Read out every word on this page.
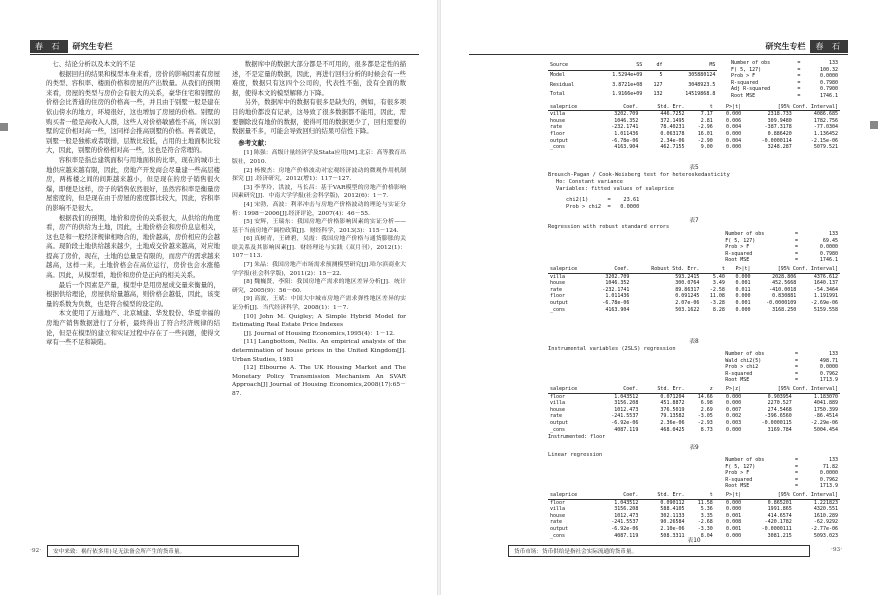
春 石	研究生专栏

七、结论分析以及本文的不足

根据回归的结果和模型本身来看，房价的影响因素有房屋的类型、容积率、楼面价格和房屋的产出数量。从我们的预期来看，房屋的类型与房价会有很大的关系，豪华住宅和别墅的价格会比普通的住房的价格高一些，并且由于别墅一般是建在依山傍水的地方，环境很好，这也增加了房屋的价格。别墅的购买者一般是高收入人群，这些人对价格敏感性不高，所以别墅的定价相对高一些，这同样会推高别墅的价格。再者就是，别墅一般是独栋或者联排，层数比较低，占用的土地面积比较大，因此，别墅的价格相对高一些，这也是符合常理的。

容积率是指总建筑面积与用地面积的比率，现在的城市土地供应越来越有限，因此，房地产开发商会尽量建一些高层楼房，两栋楼之间的间距越来越小，但是现在的房子销售很火爆，即便是这样，房子的销售依然很好，虽然容积率是衡量房屋密度的，但是现在由于房屋的密度都比较大，因此，容积率的影响不是很大。

根据我们的预期，地价和房价的关系很大，从供给的角度看，房产的供给为土地，因此，土地价格会和房价息息相关，这也是和一般经济规律相吻合的，地价越高，房价相应的会越高。现阶段土地供给越来越少，土地成交价越来越高，对应地提高了房价，现在，土地的总量是有限的，而房产的需求越来越高，这样一来，土地价格会在高位运行，房价也会水涨船高。因此，从模型看，地价和房价是正向的相关关系。

最后一个因素是产量，模型中是用房屋成交量来衡量的，根据供给理论，房屋供给量越高，则价格会越低，因此，该变量的系数为负数，也是符合模型的设定的。

本文使用了万通地产、北京城建、华发股份、华夏幸福的房地产销售数据进行了分析，最终得出了符合经济规律的结论，但是在模型的建立和实证过程中存在了一些问题，使得文章有一些不足和缺陷。

数据库中的数据大部分都是不可用的，很多都是定性的描述，不是定量的数据，因此，再进行回归分析的时候会有一些难度，数据只有这四个公司的，代表性不强，没有全面的数据，使得本文的模型解释力下降。

另外，数据库中的数据有很多是缺失的，例如，有很多项目的地价都没有记录，这导致了很多数据都不能用，因此，需要删除没有地价的数据，使得可用的数据更少了，回归需要的数据量不多，可能会导致回归的结果可信性下降。

参考文献：

[1] 陈强：高级计量经济学及Stata应用[M].北京：高等教育出版社，2010.

[2] 杨俊杰：房地产价格波动对宏观经济波动的微观作用机制探究 [J] .经济研究，2012(增1)：117－127.

[3] 李孝玲，洪波，马长昌：基于VAR模型的房地产价格影响因素研究[J]．中南大学学报(社会科学版)，2012(6)：1－7.

[4] 宋勃，高波：利率冲击与房地产价格波动的理论与实证分析：1998－2006[J].经济评论，2007(4)：46－55.

[5] 安辉，王瑞东：我国房地产价格影响因素的实证分析—— 基于当前房地产调控政策[J]．财经科学，2013(3)：115－124.

[6] 真树青，王碑碧，吴霞：我国房地产价格与通货膨胀的关联关系及其影响因素[J]．财经理论与实践（双月刊），2012(1)：107－113.

[7] 朱晶：我国房地产市场需求预测模型研究[J].哈尔滨商业大学学报(社会科学版)，2011(2)：15－22.

[8] 魏巍贤，李阳：我国房地产需求的地区差异分析[J]．统计研究，2005(9)：56－60.

[9] 高波，王斌：中国大中城市房地产需求弹性地区差异的实证分析[J]．当代经济科学，2008(1)：1－7.

[10] John M. Quigley; A Simple Hybrid Model for Estimating Real Estate Price Indexes

[J]. Journal of Housing Economics,1995(4)：1－12.

[11] Langbottom, Nellis. An empirical analysis of the determination of house prices in the United Kingdom[J]. Urban Studies, 1981

[12] Elbourne A. The UK Housing Market and The Monetary Policy Transmission Mechanism An SVAR Approach[J] Journal of Housing Economics,2008(17):65－87.

·92·	安中来致：祸行依多用)足无法备会所产生的货币量。
研究生专栏	春 石
货币市场：货币供给是指社会实际流通的货币量。	·93·
Source	SS	df	MS
Model	1.5294e+09	5	305880124
Residual	3.8721e+08	127	3048923.5
Total	1.9166e+09	132	14519868.8
Number of obs	=	133
F( 5, 127)	=	100.32
Prob > F	=	0.0000
R-squared	=	0.7980
Adj R-squared	=	0.7900
Root MSE	=	1746.1
saleprice	Coef.	Std. Err.	t	P>|t|	[95% Conf. Interval]	
villa	3202.709	446.7252	7.17	0.000	2318.733	4086.685
house	1046.352	372.1495	2.81	0.006	309.9480	1782.756
rate	-232.1741	78.40231	-2.96	0.004	-387.3178	-77.0304
floor	1.011436	0.063178	16.01	0.000	0.886420	1.136452
output	-6.78e-06	2.34e-06	-2.90	0.004	-0.0000114	-2.15e-06
_cons	4163.904	462.7155	9.00	0.000	3248.287	5079.521
表5
Breusch-Pagan / Cook-Weisberg test for heteroskedasticity
Ho: Constant variance
Variables: fitted values of saleprice
chi2(1)      =    23.61
Prob > chi2  =   0.0000
表7
Regression with robust standard errors
Number of obs	=	133
F( 5, 127)	=	69.45
Prob > F	=	0.0000
R-squared	=	0.7980
Root MSE	=	1746.1
saleprice	Coef.	Robust Std. Err.	t	P>|t|	[95% Conf. Interval]	
villa	3202.709	593.2415	5.40	0.000	2028.806	4376.612
house	1046.352	300.0764	3.49	0.001	452.5668	1640.137
rate	-232.1741	89.86317	-2.58	0.011	-410.0018	-54.3464
floor	1.011436	0.091245	11.08	0.000	0.830881	1.191991
output	-6.78e-06	2.07e-06	-3.28	0.001	-0.0000109	-2.69e-06
_cons	4163.904	503.1622	8.28	0.000	3168.250	5159.558
表8
Instrumental variables (2SLS) regression
Number of obs	=	133
Wald chi2(5)	=	498.71
Prob > chi2	=	0.0000
R-squared	=	0.7962
Root MSE	=	1713.9
saleprice	Coef.	Std. Err.	z	P>|z|	[95% Conf. Interval]	
floor	1.043512	0.071204	14.66	0.000	0.903954	1.183070
villa	3156.208	451.8872	6.98	0.000	2270.527	4041.889
house	1012.473	376.5019	2.69	0.007	274.5468	1750.399
rate	-241.5537	79.13582	-3.05	0.002	-396.6560	-86.4514
output	-6.92e-06	2.36e-06	-2.93	0.003	-0.0000115	-2.29e-06
_cons	4087.119	468.0425	8.73	0.000	3169.784	5004.454
Instrumented: floor
表9
Linear regression
Number of obs	=	133
F( 5, 127)	=	71.82
Prob > F	=	0.0000
R-squared	=	0.7962
Root MSE	=	1713.9
saleprice	Coef.	Std. Err.	t	P>|t|	[95% Conf. Interval]	
floor	1.043512	0.090112	11.58	0.000	0.865201	1.221823
villa	3156.208	588.4105	5.36	0.000	1991.865	4320.551
house	1012.473	302.1133	3.35	0.001	414.6574	1610.289
rate	-241.5537	90.26584	-2.68	0.008	-420.1782	-62.9292
output	-6.92e-06	2.10e-06	-3.30	0.001	-0.0000111	-2.77e-06
_cons	4087.119	508.3311	8.04	0.000	3081.215	5093.023
表10
